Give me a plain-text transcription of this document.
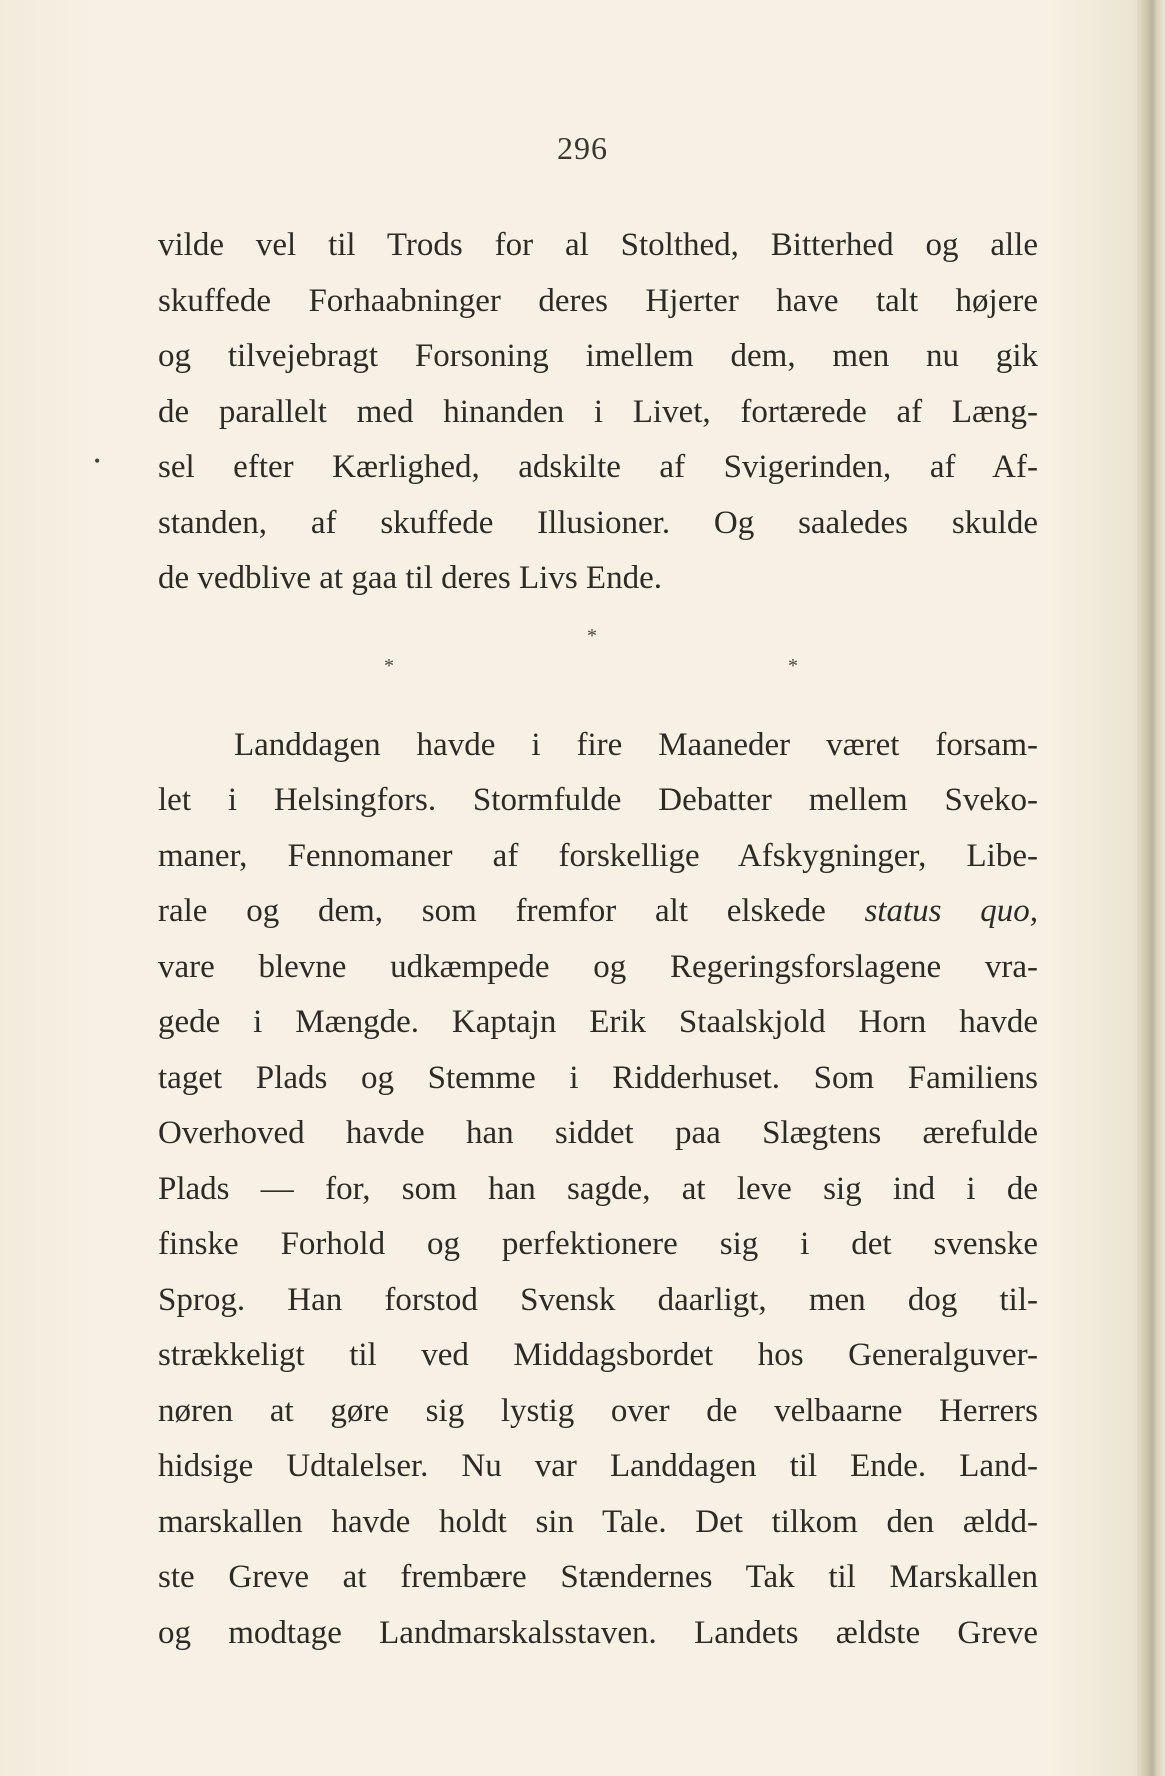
296
•
vilde vel til Trods for al Stolthed, Bitterhed og alle
skuffede Forhaabninger deres Hjerter have talt højere
og tilvejebragt Forsoning imellem dem, men nu gik
de parallelt med hinanden i Livet, fortærede af Læng-
sel efter Kærlighed, adskilte af Svigerinden, af Af-
standen, af skuffede Illusioner. Og saaledes skulde
de vedblive at gaa til deres Livs Ende.
Landdagen havde i fire Maaneder været forsam-
let i Helsingfors. Stormfulde Debatter mellem Sveko-
maner, Fennomaner af forskellige Afskygninger, Libe-
rale og dem, som fremfor alt elskede status quo,
vare blevne udkæmpede og Regeringsforslagene vra-
gede i Mængde. Kaptajn Erik Staalskjold Horn havde
taget Plads og Stemme i Ridderhuset. Som Familiens
Overhoved havde han siddet paa Slægtens ærefulde
Plads — for, som han sagde, at leve sig ind i de
finske Forhold og perfektionere sig i det svenske
Sprog. Han forstod Svensk daarligt, men dog til-
strækkeligt til ved Middagsbordet hos Generalguver-
nøren at gøre sig lystig over de velbaarne Herrers
hidsige Udtalelser. Nu var Landdagen til Ende. Land-
marskallen havde holdt sin Tale. Det tilkom den ældd-
ste Greve at frembære Stændernes Tak til Marskallen
og modtage Landmarskalsstaven. Landets ældste Greve
*
*	*
